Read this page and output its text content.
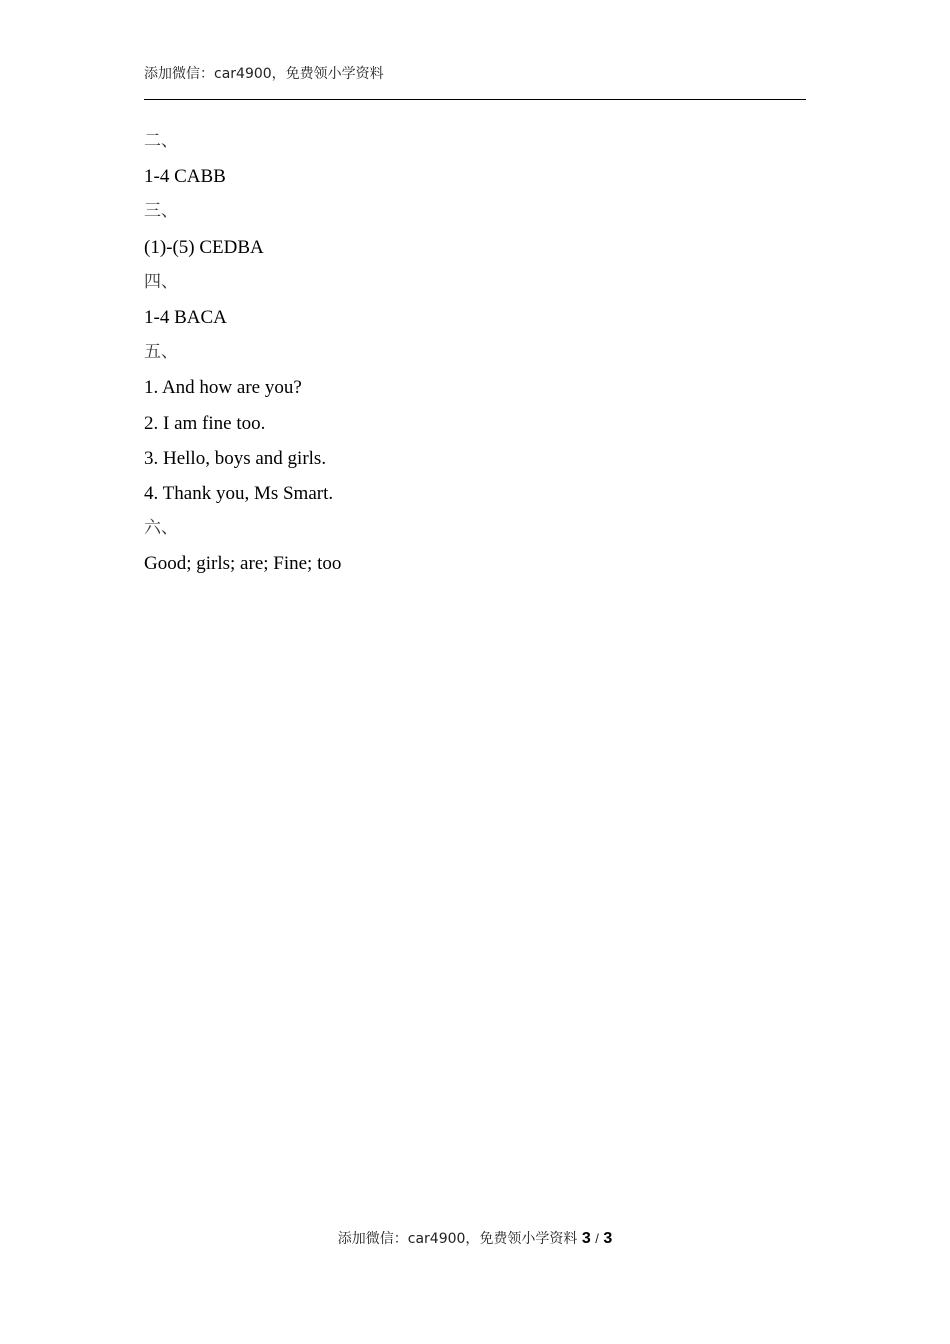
添加微信：car4900，免费领小学资料
二、
1-4 CABB
三、
(1)-(5) CEDBA
四、
1-4 BACA
五、
1. And how are you?
2. I am fine too.
3. Hello, boys and girls.
4. Thank you, Ms Smart.
六、
Good; girls; are; Fine; too
添加微信：car4900，免费领小学资料 3 / 3
